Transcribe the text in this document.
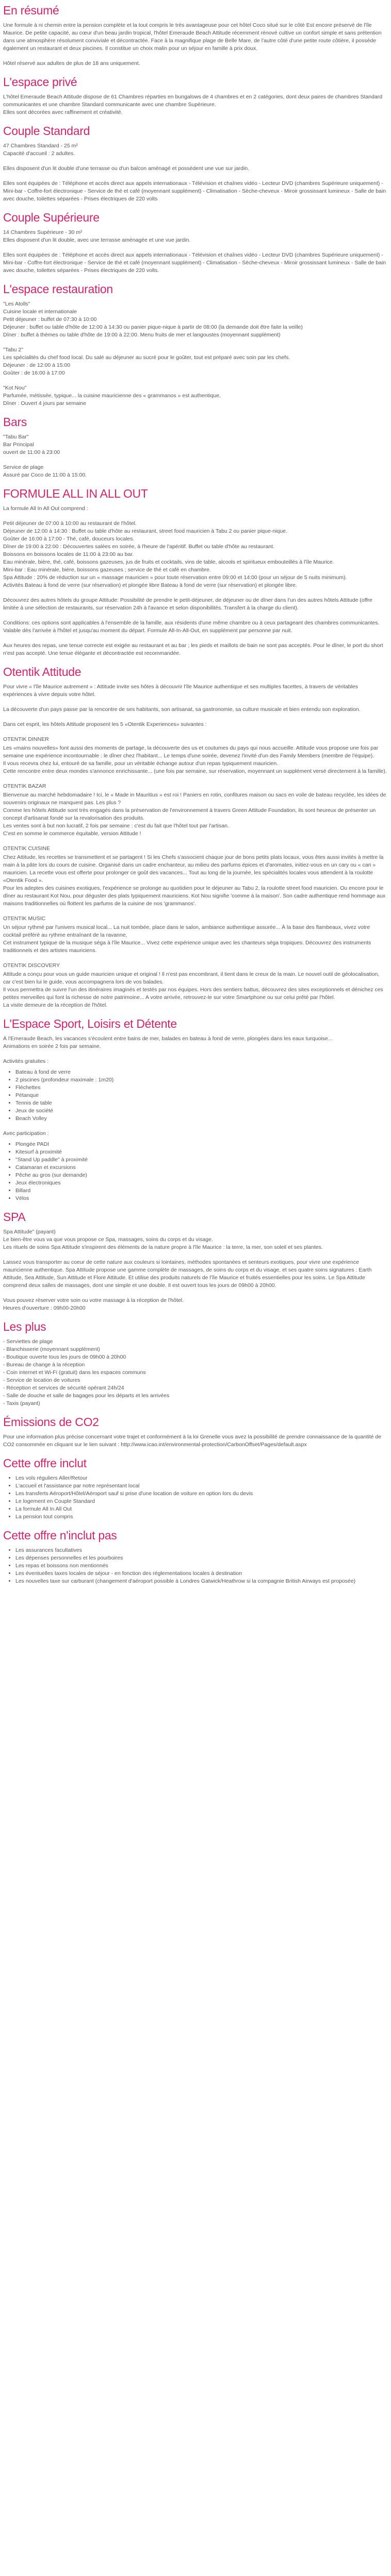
En résumé

Une formule à ni chemin entre la pension complète et la tout compris le très avantageuse pour cet hôtel Coco situé sur le côté Est encore préservé de l'île Maurice. De petite capacité, au cœur d'un beau jardin tropical, l'hôtel Emeraude Beach Attitude récemment rénové cultive un confort simple et sans prétention dans une atmosphère résolument conviviale et décontractée. Face à la magnifique plage de Belle Mare, de l'autre côté d'une petite route côtière, il possède également un restaurant et deux piscines. Il constitue un choix malin pour un séjour en famille à prix doux.

Hôtel réservé aux adultes de plus de 18 ans uniquement.

L'espace privé

L'hôtel Emeraude Beach Attitude dispose de 61 Chambres réparties en bungalows de 4 chambres et en 2 catégories, dont deux paires de chambres Standard communicantes et une chambre Standard communicante avec une chambre Supérieure.
Elles sont décorées avec raffinement et créativité.

Couple Standard

47 Chambres Standard - 25 m²
Capacité d'accueil : 2 adultes.

Elles disposent d'un lit double d'une terrasse ou d'un balcon aménagé et possèdent une vue sur jardin.

Elles sont équipées de : Téléphone et accès direct aux appels internationaux - Télévision et chaînes vidéo - Lecteur DVD (chambres Supérieure uniquement) - Mini-bar - Coffre-fort électronique - Service de thé et café (moyennant supplément) - Climatisation - Sèche-cheveux - Miroir grossissant lumineux - Salle de bain avec douche, toilettes séparées - Prises électriques de 220 volts

Couple Supérieure

14 Chambres Supérieure - 30 m²
Elles disposent d'un lit double, avec une terrasse aménagée et une vue jardin.

Elles sont équipées de : Téléphone et accès direct aux appels internationaux - Télévision et chaînes vidéo - Lecteur DVD (chambres Supérieure uniquement) - Mini-bar - Coffre-fort électronique - Service de thé et café (moyennant supplément) - Climatisation - Sèche-cheveux - Miroir grossissant lumineux - Salle de bain avec douche, toilettes séparées - Prises électriques de 220 volts.

L'espace restauration

"Les Atolls"
Cuisine locale et internationale
Petit déjeuner : buffet de 07:30 à 10:00
Déjeuner : buffet ou table d'hôte de 12:00 à 14:30 ou panier pique-nique à partir de 08:00 (la demande doit être faite la veille)
Dîner : buffet à thèmes ou table d'hôte de 19:00 à 22:00. Menu fruits de mer et langoustes (moyennant supplément)

"Tabu 2"
Les spécialités du chef food local. Du salé au déjeuner au sucré pour le goûter, tout est préparé avec soin par les chefs.
Déjeuner : de 12:00 à 15:00
Goûter : de 16:00 à 17:00

"Kot Nou"
Parfumée, métissée, typique... la cuisine mauricienne des « grammanos » est authentique.
Dîner : Ouvert 4 jours par semaine

Bars

"Tabu Bar"
Bar Principal
ouvert de 11:00 à 23:00

Service de plage
Assuré par Coco de 11:00 à 15:00.

FORMULE ALL IN ALL OUT

La formule All In All Out comprend :

Petit déjeuner de 07:00 à 10:00 au restaurant de l'hôtel.
Déjeuner de 12:00 à 14:30 : Buffet ou table d'hôte au restaurant, street food mauricien à Tabu 2 ou panier pique-nique.
Goûter de 16:00 à 17:00 - Thé, café, douceurs locales.
Dîner de 19:00 à 22:00 : Découvertes salées en soirée, à l'heure de l'apéritif. Buffet ou table d'hôte au restaurant.
Boissons en boissons locales de 11:00 à 23:00 au bar.
Eau minérale, bière, thé, café, boissons gazeuses, jus de fruits et cocktails, vins de table, alcools et spiritueux embouteillés à l'île Maurice.
Mini-bar : Eau minérale, bière, boissons gazeuses ; service de thé et café en chambre.
Spa Attitude : 20% de réduction sur un « massage mauricien » pour toute réservation entre 09:00 et 14:00 (pour un séjour de 5 nuits minimum).
Activités Bateau à fond de verre (sur réservation) et plongée libre Bateau à fond de verre (sur réservation) et plongée libre.

Découvrez des autres hôtels du groupe Attitude: Possibilité de prendre le petit-déjeuner, de déjeuner ou de dîner dans l'un des autres hôtels Attitude (offre limitée à une sélection de restaurants, sur réservation 24h à l'avance et selon disponibilités. Transfert à la charge du client).

Conditions: ces options sont applicables à l'ensemble de la famille, aux résidents d'une même chambre ou à ceux partageant des chambres communicantes. Valable dès l'arrivée à l'hôtel et jusqu'au moment du départ. Formule All-In-All-Out, en supplément par personne par nuit.

Aux heures des repas, une tenue correcte est exigée au restaurant et au bar ; les pieds et maillots de bain ne sont pas acceptés. Pour le dîner, le port du short n'est pas accepté. Une tenue élégante et décontractée est recommandée.

Otentik Attitude

Pour vivre « l'île Maurice autrement » : Attitude invite ses hôtes à découvrir l'île Maurice authentique et ses multiples facettes, à travers de véritables expériences à vivre depuis votre hôtel.

La découverte d'un pays passe par la rencontre de ses habitants, son artisanat, sa gastronomie, sa culture musicale et bien entendu son exploration.

Dans cet esprit, les hôtels Attitude proposent les 5 «Otentik Experiences» suivantes :

OTENTIK DINNER

Les «mains nouvelles» font aussi des moments de partage, la découverte des us et coutumes du pays qui nous accueille. Attitude vous propose une fois par semaine une expérience incontournable : le dîner chez l'habitant... Le temps d'une soirée, devenez l'invité d'un des Family Members (membre de l'équipe).
Il vous recevra chez lui, entouré de sa famille, pour un véritable échange autour d'un repas typiquement mauricien.
Cette rencontre entre deux mondes s'annonce enrichissante... (une fois par semaine, sur réservation, moyennant un supplément versé directement à la famille).

OTENTIK BAZAR

Bienvenue au marché hebdomadaire ! Ici, le « Made in Mauritius » est roi ! Paniers en rotin, confitures maison ou sacs en voile de bateau recyclée, les idées de souvenirs originaux ne manquent pas. Les plus ?
Comme les hôtels Attitude sont très engagés dans la préservation de l'environnement à travers Green Attitude Foundation, ils sont heureux de présenter un concept d'artisanat fondé sur la revalorisation des produits.
Les ventes sont à but non lucratif, 2 fois par semaine : c'est du fait que l'hôtel tout par l'artisan.
C'est en somme le commerce équitable, version Attitude !

OTENTIK CUISINE

Chez Attitude, les recettes se transmettent et se partagent ! Si les Chefs s'associent chaque jour de bons petits plats locaux, vous êtes aussi invités à mettre la main à la pâte lors du cours de cuisine. Organisé dans un cadre enchanteur, au milieu des parfums épices et d'aromates, initiez-vous en un cary ou « cari » mauricien. La recette vous est offerte pour prolonger ce goût des vacances... Tout au long de la journée, les spécialités locales vous attendent à la roulotte «Otentik Food ».
Pour les adeptes des cuisines exotiques, l'expérience se prolonge au quotidien pour le déjeuner au Tabu 2, la roulotte street food mauricien. Ou encore pour le dîner au restaurant Kot Nou, pour déguster des plats typiquement mauriciens. Kot Nou signifie 'comme à la maison'. Son cadre authentique rend hommage aux maisons traditionnelles où flottent les parfums de la cuisine de nos 'grammanos'.

OTENTIK MUSIC

Un séjour rythmé par l'univers musical local... La nuit tombée, place dans le salon, ambiance authentique assurée... À la base des flambeaux, vivez votre cocktail préféré au rythme entraînant de la ravanne,
Cet instrument typique de la musique séga à l'île Maurice... Vivez cette expérience unique avec les chanteurs séga tropiques. Découvrez des instruments traditionnels et des artistes mauriciens.

OTENTIK DISCOVERY

Attitude a conçu pour vous un guide mauricien unique et original ! Il n'est pas encombrant, il tient dans le creux de la main. Le nouvel outil de géolocalisation, car c'est bien lui le guide, vous accompagnera lors de vos balades.
Il vous permettra de suivre l'un des itinéraires imaginés et testés par nos équipes. Hors des sentiers battus, découvrez des sites exceptionnels et dénichez ces petites merveilles qui font la richesse de notre patrimoine... A votre arrivée, retrouvez-le sur votre Smartphone ou sur celui prêté par l'hôtel.
La visite demeure de la réception de l'hôtel.

L'Espace Sport, Loisirs et Détente

À l'Emeraude Beach, les vacances s'écoulent entre bains de mer, balades en bateau à fond de verre, plongées dans les eaux turquoise...
Animations en soirée 2 fois par semaine.

Activités gratuites :
• Bateau à fond de verre
• 2 piscines (profondeur maximale : 1m20)
• Fléchettes
• Pétanque
• Tennis de table
• Jeux de société
• Beach Volley
Avec participation :
• Plongée PADI
• Kitesurf à proximité
• "Stand Up paddle" à proximité
• Catamaran et excursions
• Pêche au gros (sur demande)
• Jeux électroniques
• Billard
• Vélos
SPA

Spa Attitude" (payant)
Le bien-être vous va que vous propose ce Spa, massages, soins du corps et du visage.
Les rituels de soins Spa Attitude s'inspirent des éléments de la nature propre à l'île Maurice : la terre, la mer, son soleil et ses plantes.

Laissez vous transporter au coeur de cette nature aux couleurs si lointaines, méthodes spontanées et senteurs exotiques, pour vivre une expérience mauricienne authentique. Spa Attitude propose une gamme complète de massages, de soins du corps et du visage, et ses quatre soins signatures : Earth Attitude, Sea Attitude, Sun Attitude et Flore Attitude. Et utilise des produits naturels de l'île Maurice et fruités essentielles pour les soins. Le Spa Attitude comprend deux salles de massages, dont une simple et une double. Il est ouvert tous les jours de 09h00 à 20h00.

Vous pouvez réserver votre soin ou votre massage à la réception de l'hôtel.
Heures d'ouverture : 09h00-20h00

Les plus

- Serviettes de plage
- Blanchisserie (moyennant supplément)
- Boutique ouverte tous les jours de 09h00 à 20h00
- Bureau de change à la réception
- Coin internet et Wi-Fi (gratuit) dans les espaces communs
- Service de location de voitures
- Réception et services de sécurité opérant 24h/24
- Salle de douche et salle de bagages pour les départs et les arrivées
- Taxis (payant)

Émissions de CO2

Pour une information plus précise concernant votre trajet et conformément à la loi Grenelle vous avez la possibilité de prendre connaissance de la quantité de CO2 consommée en cliquant sur le lien suivant : http://www.icao.int/environmental-protection/CarbonOffset/Pages/default.aspx

Cette offre inclut
• Les vols réguliers Aller/Retour
• L'accueil et l'assistance par notre représentant local
• Les transferts Aéroport/Hôtel/Aéroport sauf si prise d'une location de voiture en option lors du devis
• Le logement en Couple Standard
• La formule All In All Out
• La pension tout compris
Cette offre n'inclut pas
• Les assurances facultatives
• Les dépenses personnelles et les pourboires
• Les repas et boissons non mentionnés
• Les éventuelles taxes locales de séjour - en fonction des réglementations locales à destination
• Les nouvelles taxe sur carburant (changement d'aéroport possible à Londres Gatwick/Heathrow si la compagnie British Airways est proposée)
